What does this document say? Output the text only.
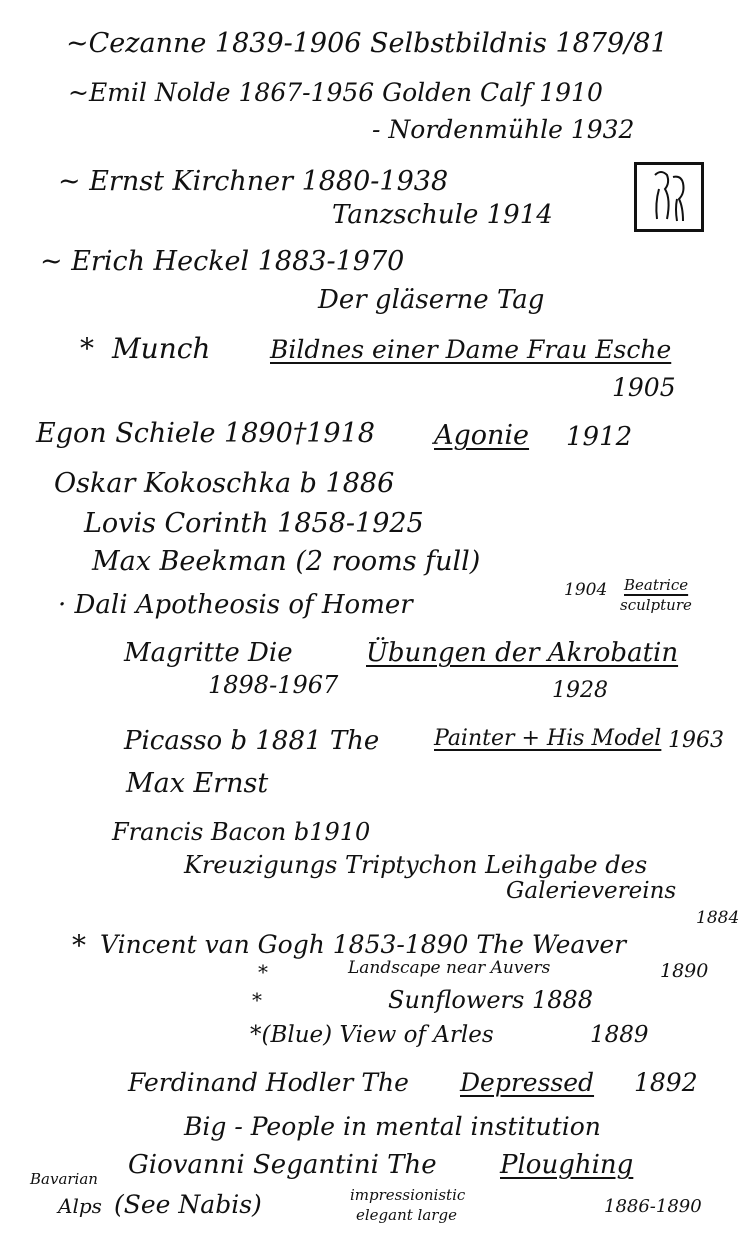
~Cezanne 1839-1906 Selbstbildnis 1879/81
~Emil Nolde 1867-1956 Golden Calf 1910
- Nordenmühle 1932
~ Ernst Kirchner 1880-1938
Tanzschule 1914
~ Erich Heckel 1883-1970
Der gläserne Tag
* Munch Bildnes einer Dame Frau Esche
1905
Egon Schiele 1890†1918 Agonie 1912
Oskar Kokoschka b 1886
Lovis Corinth 1858-1925
Max Beekman (2 rooms full)
· Dali Apotheosis of Homer	1904 Beatrice
sculpture
Magritte Die	Übungen der Akrobatin
1898-1967	1928
Picasso b 1881 The Painter + His Model 1963
Max Ernst
Francis Bacon b1910
Kreuzigungs Triptychon Leihgabe des
Galerievereins
* Vincent van Gogh 1853-1890 The Weaver
1884
*	Landscape near Auvers	1890
*	Sunflowers 1888
*(Blue) View of Arles	1889
Ferdinand Hodler The Depressed 1892
Big - People in mental institution
Giovanni Segantini The Ploughing
1886-1890
Bavarian
Alps (See Nabis)	impressionistic
elegant large
